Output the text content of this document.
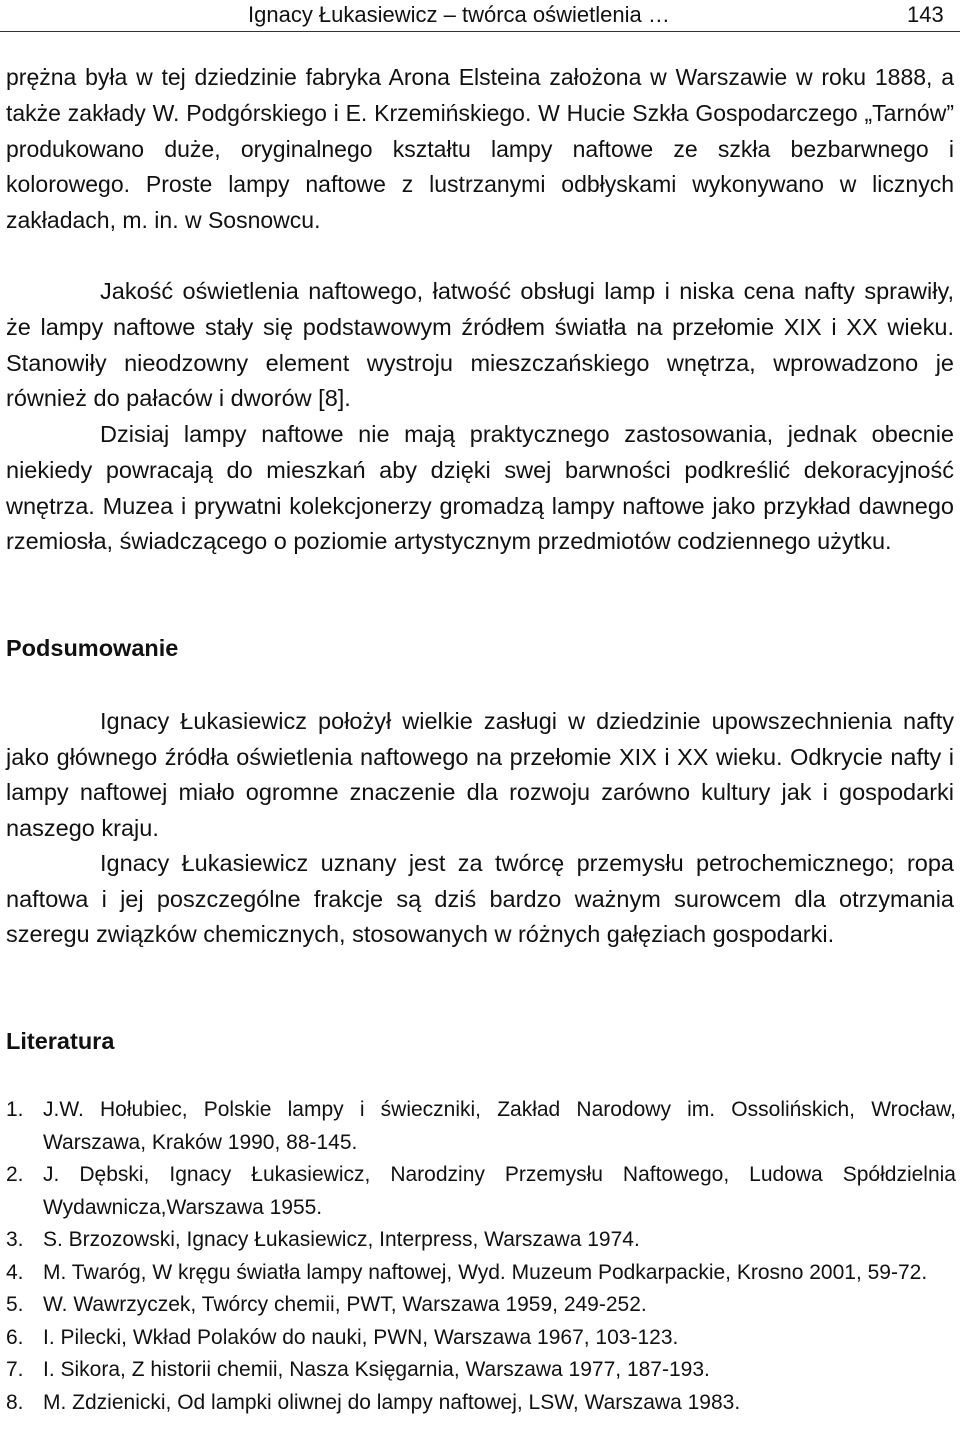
Ignacy Łukasiewicz – twórca oświetlenia …	143

prężna była w tej dziedzinie fabryka Arona Elsteina założona w Warszawie w roku 1888, a także zakłady W. Podgórskiego i E. Krzemińskiego. W Hucie Szkła Gospodarczego „Tarnów” produkowano duże, oryginalnego kształtu lampy naftowe ze szkła bezbarwnego i kolorowego. Proste lampy naftowe z lustrzanymi odbłyskami wykonywano w licznych zakładach, m. in. w Sosnowcu.

Jakość oświetlenia naftowego, łatwość obsługi lamp i niska cena nafty sprawiły, że lampy naftowe stały się podstawowym źródłem światła na przełomie XIX i XX wieku. Stanowiły nieodzowny element wystroju mieszczańskiego wnętrza, wprowadzono je również do pałaców i dworów [8].

Dzisiaj lampy naftowe nie mają praktycznego zastosowania, jednak obecnie niekiedy powracają do mieszkań aby dzięki swej barwności podkreślić dekoracyjność wnętrza. Muzea i prywatni kolekcjonerzy gromadzą lampy naftowe jako przykład dawnego rzemiosła, świadczącego o poziomie artystycznym przedmiotów codziennego użytku.

Podsumowanie

Ignacy Łukasiewicz położył wielkie zasługi w dziedzinie upowszechnienia nafty jako głównego źródła oświetlenia naftowego na przełomie XIX i XX wieku. Odkrycie nafty i lampy naftowej miało ogromne znaczenie dla rozwoju zarówno kultury jak i gospodarki naszego kraju.

Ignacy Łukasiewicz uznany jest za twórcę przemysłu petrochemicznego; ropa naftowa i jej poszczególne frakcje są dziś bardzo ważnym surowcem dla otrzymania szeregu związków chemicznych, stosowanych w różnych gałęziach gospodarki.

Literatura
1. J.W. Hołubiec, Polskie lampy i świeczniki, Zakład Narodowy im. Ossolińskich, Wrocław, Warszawa, Kraków 1990, 88-145.
2. J. Dębski, Ignacy Łukasiewicz, Narodziny Przemysłu Naftowego, Ludowa Spółdzielnia Wydawnicza,Warszawa 1955.
3. S. Brzozowski, Ignacy Łukasiewicz, Interpress, Warszawa 1974.
4. M. Twaróg, W kręgu światła lampy naftowej, Wyd. Muzeum Podkarpackie, Krosno 2001, 59-72.
5. W. Wawrzyczek, Twórcy chemii, PWT, Warszawa 1959, 249-252.
6. I. Pilecki, Wkład Polaków do nauki, PWN, Warszawa 1967, 103-123.
7. I. Sikora, Z historii chemii, Nasza Księgarnia, Warszawa 1977, 187-193.
8. M. Zdzienicki, Od lampki oliwnej do lampy naftowej, LSW, Warszawa 1983.
